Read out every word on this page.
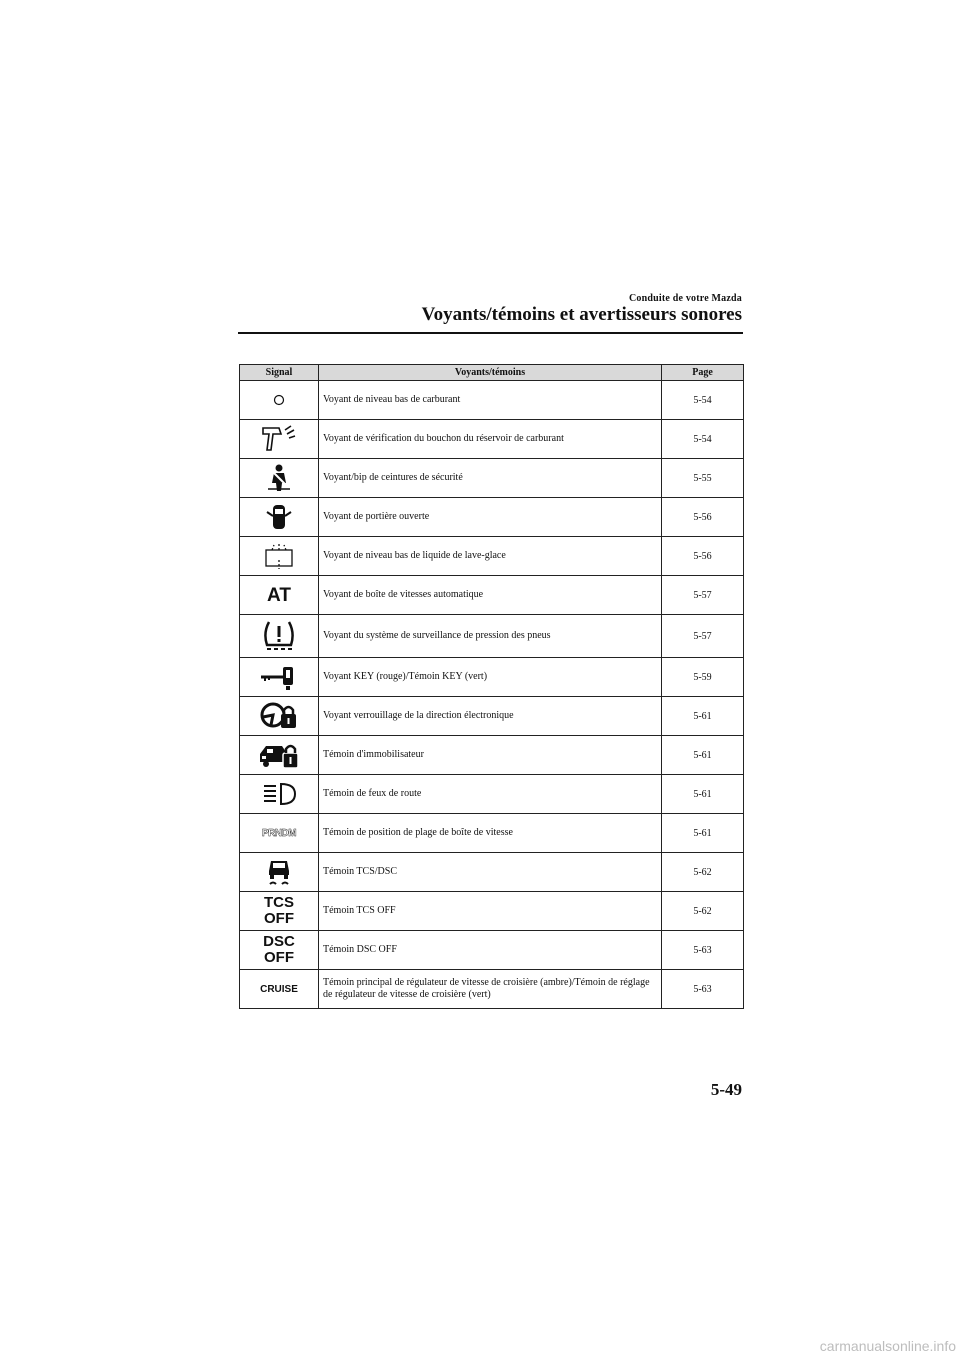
Conduite de votre Mazda
Voyants/témoins et avertisseurs sonores
Signal	Voyants/témoins	Page
	Voyant de niveau bas de carburant	5-54
	Voyant de vérification du bouchon du réservoir de carburant	5-54
	Voyant/bip de ceintures de sécurité	5-55
	Voyant de portière ouverte	5-56
	Voyant de niveau bas de liquide de lave-glace	5-56
AT	Voyant de boîte de vitesses automatique	5-57
	Voyant du système de surveillance de pression des pneus	5-57
	Voyant KEY (rouge)/Témoin KEY (vert)	5-59
	Voyant verrouillage de la direction électronique	5-61
	Témoin d'immobilisateur	5-61
	Témoin de feux de route	5-61
PRNDM	Témoin de position de plage de boîte de vitesse	5-61
	Témoin TCS/DSC	5-62
TCS
OFF	Témoin TCS OFF	5-62
DSC
OFF	Témoin DSC OFF	5-63
CRUISE	Témoin principal de régulateur de vitesse de croisière (ambre)/Témoin de réglage de régulateur de vitesse de croisière (vert)	5-63
5-49
carmanualsonline.info
